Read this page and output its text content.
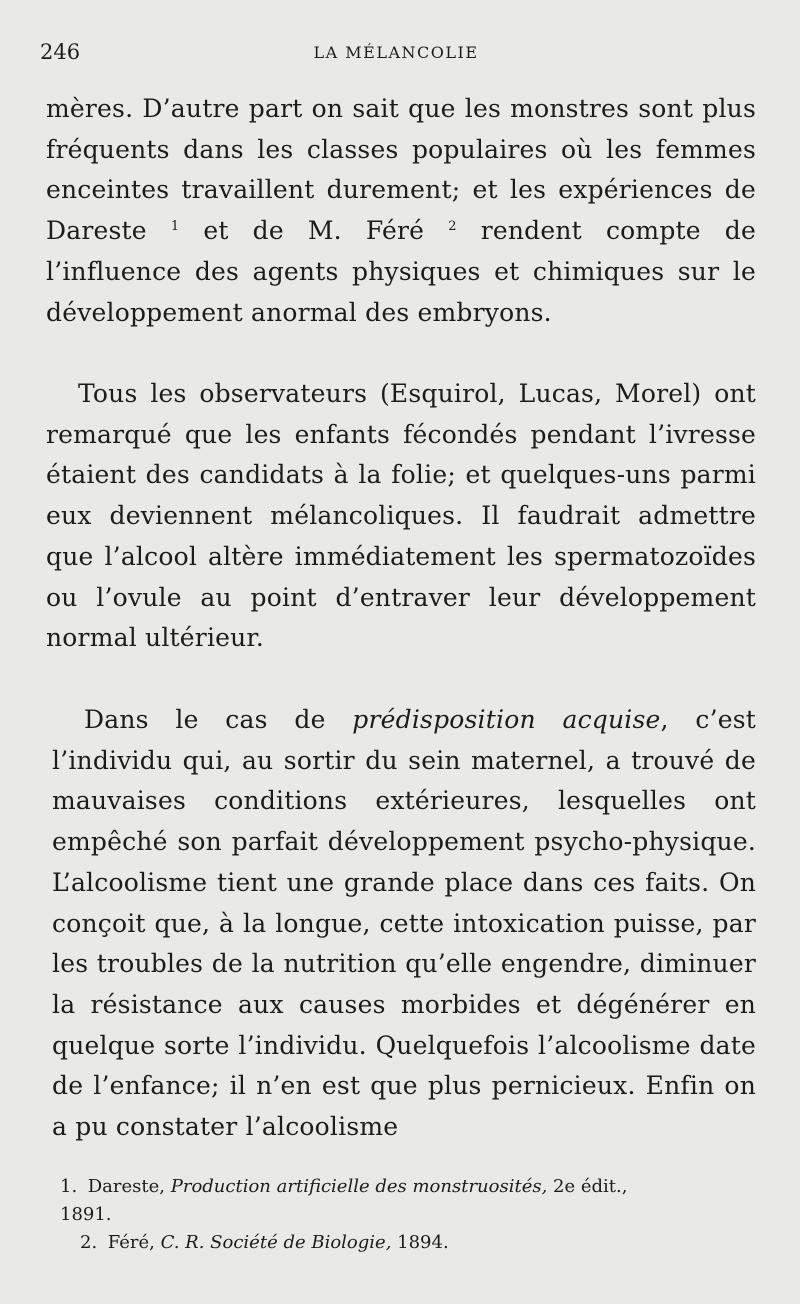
246	LA MÉLANCOLIE
mères. D’autre part on sait que les monstres sont plus fréquents dans les classes populaires où les femmes enceintes travaillent durement; et les expériences de Dareste $^1$ et de M. Féré $^2$ rendent compte de l’influence des agents physiques et chimiques sur le développement anormal des embryons.
Tous les observateurs (Esquirol, Lucas, Morel) ont remarqué que les enfants fécondés pendant l’ivresse étaient des candidats à la folie; et quelques-uns parmi eux deviennent mélancoliques. Il faudrait admettre que l’alcool altère immédiatement les spermatozoïdes ou l’ovule au point d’entraver leur développement normal ultérieur.
Dans le cas de prédisposition acquise, c’est l’individu qui, au sortir du sein maternel, a trouvé de mauvaises conditions extérieures, lesquelles ont empêché son parfait développement psycho-physique. L’alcoolisme tient une grande place dans ces faits. On conçoit que, à la longue, cette intoxication puisse, par les troubles de la nutrition qu’elle engendre, diminuer la résistance aux causes morbides et dégénérer en quelque sorte l’individu. Quelquefois l’alcoolisme date de l’enfance; il n’en est que plus pernicieux. Enfin on a pu constater l’alcoolisme
1. Dareste, Production artificielle des monstruosités, 2e édit.,
1891.
2. Féré, C. R. Société de Biologie, 1894.
